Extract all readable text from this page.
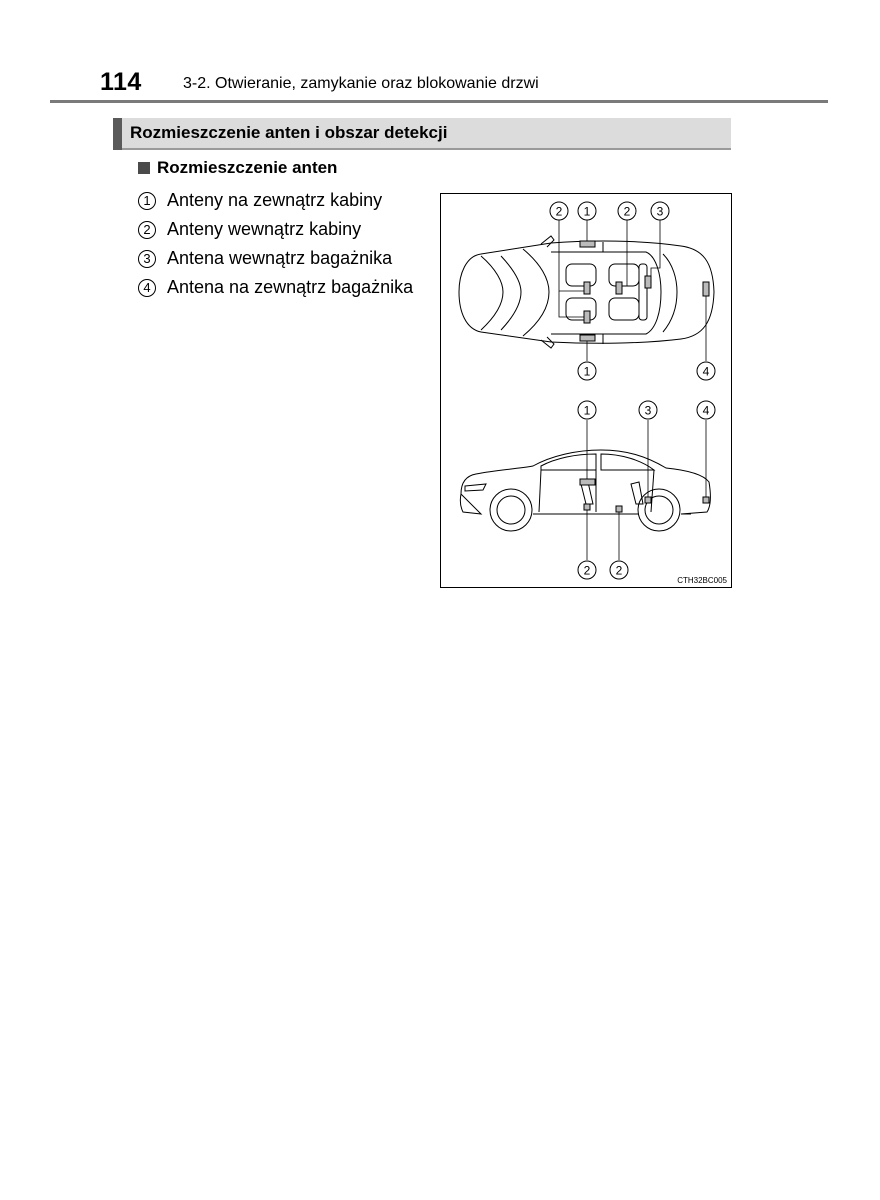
114	3-2. Otwieranie, zamykanie oraz blokowanie drzwi
Rozmieszczenie anten i obszar detekcji
Rozmieszczenie anten
1 Anteny na zewnątrz kabiny
2 Anteny wewnątrz kabiny
3 Antena wewnątrz bagażnika
4 Antena na zewnątrz bagażnika
2 1	2 3
1	4
1	3	4
2 2
CTH32BC005
